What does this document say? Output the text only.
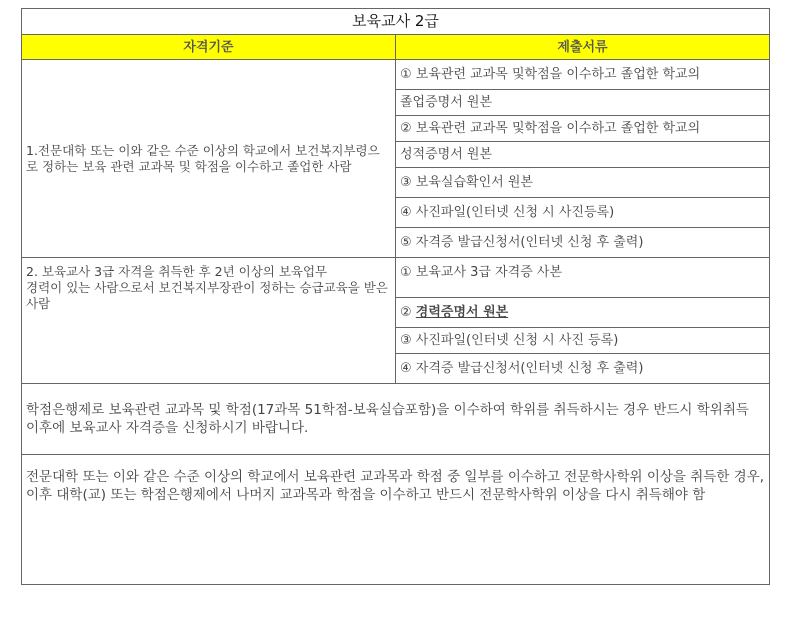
보육교사 2급	
자격기준	제출서류
1.전문대학 또는 이와 같은 수준 이상의 학교에서 보건복지부령으로 정하는 보육 관련 교과목 및 학점을 이수하고 졸업한 사람	① 보육관련 교과목 및학점을 이수하고 졸업한 학교의
	졸업증명서 원본
	② 보육관련 교과목 및학점을 이수하고 졸업한 학교의
	성적증명서 원본
	③ 보육실습확인서 원본
	④ 사진파일(인터넷 신청 시 사진등록)
	⑤ 자격증 발급신청서(인터넷 신청 후 출력)

2. 보육교사 3급 자격을 취득한 후 2년 이상의 보육업무
경력이 있는 사람으로서 보건복지부장관이 정하는 승급교육을 받은 사람	① 보육교사 3급 자격증 사본
	② 경력증명서 원본
	③ 사진파일(인터넷 신청 시 사진 등록)
	④ 자격증 발급신청서(인터넷 신청 후 출력)
학점은행제로 보육관련 교과목 및 학점(17과목 51학점-보육실습포함)을 이수하여 학위를 취득하시는 경우 반드시 학위취득 이후에 보육교사 자격증을 신청하시기 바랍니다.	

전문대학 또는 이와 같은 수준 이상의 학교에서 보육관련 교과목과 학점 중 일부를 이수하고 전문학사학위 이상을 취득한 경우,
이후 대학(교) 또는 학점은행제에서 나머지 교과목과 학점을 이수하고 반드시 전문학사학위 이상을 다시 취득해야 함	
